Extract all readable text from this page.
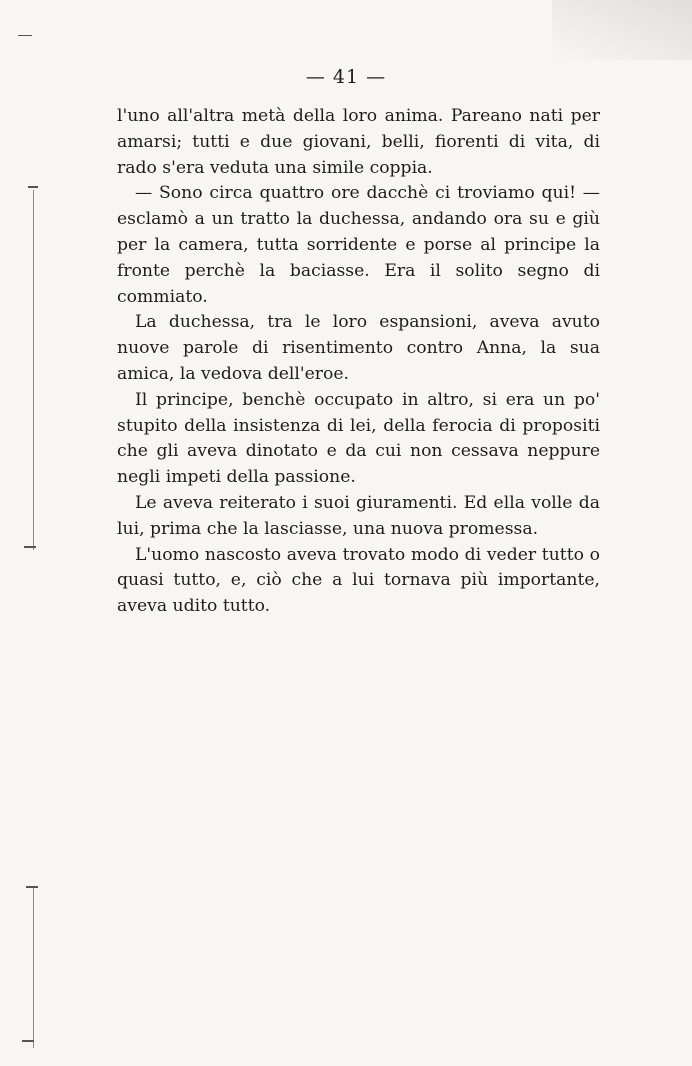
— 41 —

l'uno all'altra metà della loro anima. Pareano nati per amarsi; tutti e due giovani, belli, fiorenti di vita, di rado s'era veduta una simile coppia.

— Sono circa quattro ore dacchè ci troviamo qui! — esclamò a un tratto la duchessa, andando ora su e giù per la camera, tutta sorridente e porse al principe la fronte perchè la baciasse. Era il solito segno di commiato.

La duchessa, tra le loro espansioni, aveva avuto nuove parole di risentimento contro Anna, la sua amica, la vedova dell'eroe.

Il principe, benchè occupato in altro, si era un po' stupito della insistenza di lei, della ferocia di propositi che gli aveva dinotato e da cui non cessava neppure negli impeti della passione.

Le aveva reiterato i suoi giuramenti. Ed ella volle da lui, prima che la lasciasse, una nuova promessa.

L'uomo nascosto aveva trovato modo di veder tutto o quasi tutto, e, ciò che a lui tornava più importante, aveva udito tutto.
